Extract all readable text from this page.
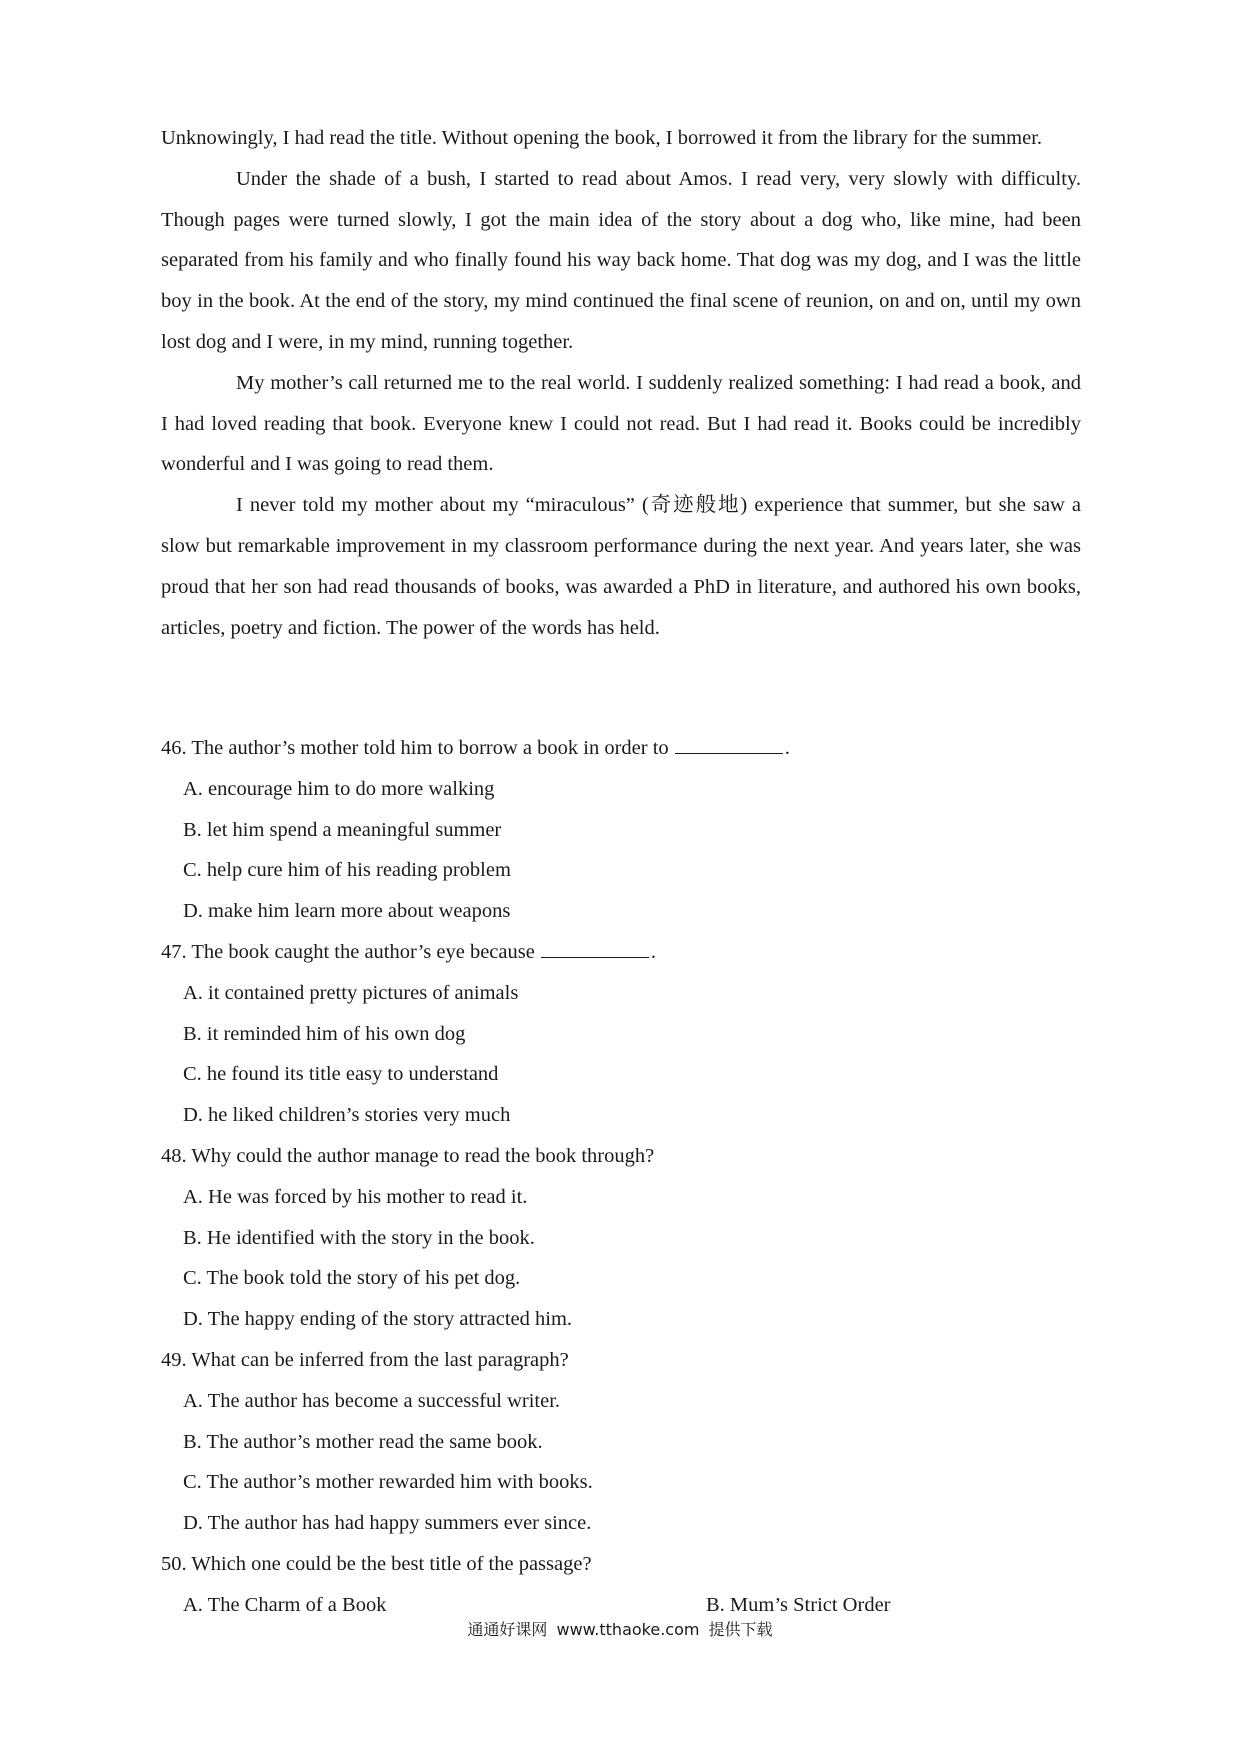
Unknowingly, I had read the title. Without opening the book, I borrowed it from the library for the summer.

Under the shade of a bush, I started to read about Amos. I read very, very slowly with difficulty. Though pages were turned slowly, I got the main idea of the story about a dog who, like mine, had been separated from his family and who finally found his way back home. That dog was my dog, and I was the little boy in the book. At the end of the story, my mind continued the final scene of reunion, on and on, until my own lost dog and I were, in my mind, running together.

My mother’s call returned me to the real world. I suddenly realized something: I had read a book, and I had loved reading that book. Everyone knew I could not read. But I had read it. Books could be incredibly wonderful and I was going to read them.

I never told my mother about my “miraculous” (奇迹般地) experience that summer, but she saw a slow but remarkable improvement in my classroom performance during the next year. And years later, she was proud that her son had read thousands of books, was awarded a PhD in literature, and authored his own books, articles, poetry and fiction. The power of the words has held.

46. The author’s mother told him to borrow a book in order to	.

A. encourage him to do more walking

B. let him spend a meaningful summer

C. help cure him of his reading problem

D. make him learn more about weapons

47. The book caught the author’s eye because	.

A. it contained pretty pictures of animals

B. it reminded him of his own dog

C. he found its title easy to understand

D. he liked children’s stories very much

48. Why could the author manage to read the book through?

A. He was forced by his mother to read it.

B. He identified with the story in the book.

C. The book told the story of his pet dog.

D. The happy ending of the story attracted him.

49. What can be inferred from the last paragraph?

A. The author has become a successful writer.

B. The author’s mother read the same book.

C. The author’s mother rewarded him with books.

D. The author has had happy summers ever since.

50. Which one could be the best title of the passage?

A. The Charm of a Book	B. Mum’s Strict Order
通通好课网 www.tthaoke.com 提供下载
